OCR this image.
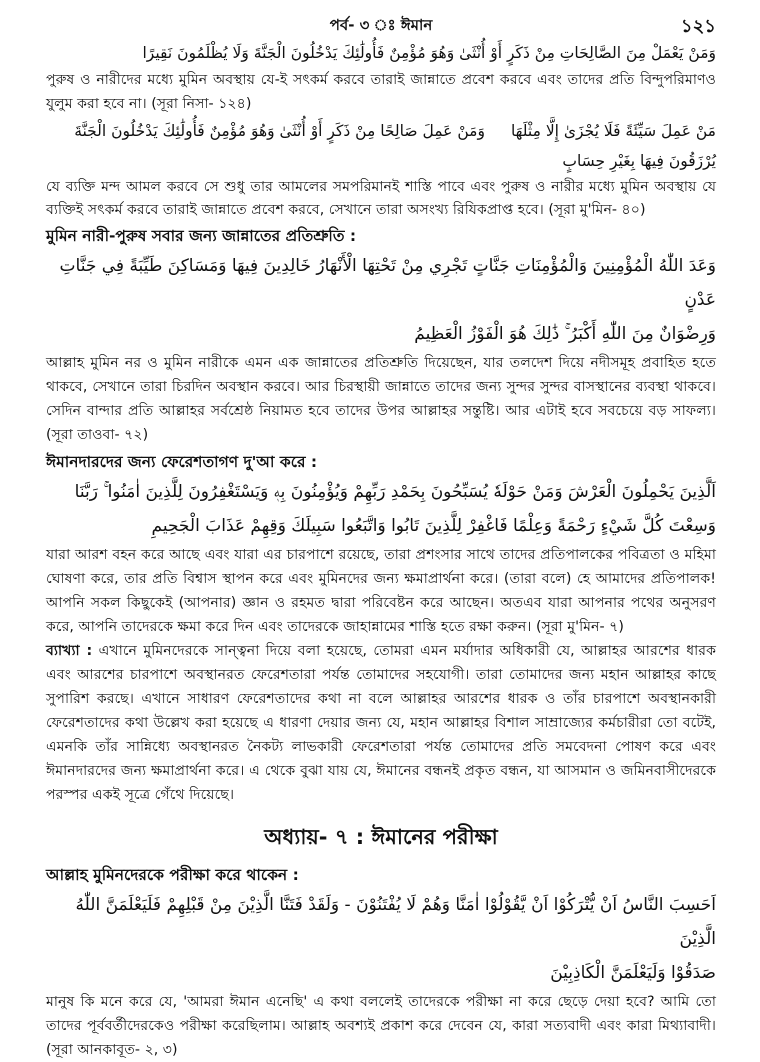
পর্ব- ৩ ঃ ঈমান	১২১

وَمَنْ يَعْمَلْ مِنَ الصَّالِحَاتِ مِنْ ذَكَرٍ أَوْ أُنْثَىٰ وَهُوَ مُؤْمِنٌ فَأُولَٰئِكَ يَدْخُلُونَ الْجَنَّةَ وَلَا يُظْلَمُونَ نَقِيرًا

পুরুষ ও নারীদের মধ্যে মুমিন অবস্থায় যে-ই সৎকর্ম করবে তারাই জান্নাতে প্রবেশ করবে এবং তাদের প্রতি বিন্দুপরিমাণও যুলুম করা হবে না। (সূরা নিসা- ১২৪)

مَنْ عَمِلَ سَيِّئَةً فَلَا يُجْزَىٰ إِلَّا مِثْلَهَاوَمَنْ عَمِلَ صَالِحًا مِنْ ذَكَرٍ أَوْ أُنْثَىٰ وَهُوَ مُؤْمِنٌ فَأُولَٰئِكَ يَدْخُلُونَ الْجَنَّةَ يُرْزَقُونَ فِيهَا بِغَيْرِ حِسَابٍ

যে ব্যক্তি মন্দ আমল করবে সে শুধু তার আমলের সমপরিমানই শাস্তি পাবে এবং পুরুষ ও নারীর মধ্যে মুমিন অবস্থায় যে ব্যক্তিই সৎকর্ম করবে তারাই জান্নাতে প্রবেশ করবে, সেখানে তারা অসংখ্য রিযিকপ্রাপ্ত হবে। (সূরা মু'মিন- ৪০)

মুমিন নারী-পুরুষ সবার জন্য জান্নাতের প্রতিশ্রুতি :

وَعَدَ اللّٰهُ الْمُؤْمِنِينَ وَالْمُؤْمِنَاتِ جَنَّاتٍ تَجْرِي مِنْ تَحْتِهَا الْأَنْهَارُ خَالِدِينَ فِيهَا وَمَسَاكِنَ طَيِّبَةً فِي جَنَّاتِ عَدْنٍ

وَرِضْوَانٌ مِنَ اللّٰهِ أَكْبَرُ ۚ ذَٰلِكَ هُوَ الْفَوْزُ الْعَظِيمُ

আল্লাহ মুমিন নর ও মুমিন নারীকে এমন এক জান্নাতের প্রতিশ্রুতি দিয়েছেন, যার তলদেশ দিয়ে নদীসমূহ প্রবাহিত হতে থাকবে, সেখানে তারা চিরদিন অবস্থান করবে। আর চিরস্থায়ী জান্নাতে তাদের জন্য সুন্দর সুন্দর বাসস্থানের ব্যবস্থা থাকবে। সেদিন বান্দার প্রতি আল্লাহর সর্বশ্রেষ্ঠ নিয়ামত হবে তাদের উপর আল্লাহর সন্তুষ্টি। আর এটাই হবে সবচেয়ে বড় সাফল্য। (সূরা তাওবা- ৭২)

ঈমানদারদের জন্য ফেরেশতাগণ দু'আ করে :

اَلَّذِينَ يَحْمِلُونَ الْعَرْشَ وَمَنْ حَوْلَهٗ يُسَبِّحُونَ بِحَمْدِ رَبِّهِمْ وَيُؤْمِنُونَ بِهٖ وَيَسْتَغْفِرُونَ لِلَّذِينَ اٰمَنُوا ۚ رَبَّنَا

وَسِعْتَ كُلَّ شَيْءٍ رَحْمَةً وَعِلْمًا فَاغْفِرْ لِلَّذِينَ تَابُوا وَاتَّبَعُوا سَبِيلَكَ وَقِهِمْ عَذَابَ الْجَحِيمِ

যারা আরশ বহন করে আছে এবং যারা এর চারপাশে রয়েছে, তারা প্রশংসার সাথে তাদের প্রতিপালকের পবিত্রতা ও মহিমা ঘোষণা করে, তার প্রতি বিশ্বাস স্থাপন করে এবং মুমিনদের জন্য ক্ষমাপ্রার্থনা করে। (তারা বলে) হে আমাদের প্রতিপালক! আপনি সকল কিছুকেই (আপনার) জ্ঞান ও রহমত দ্বারা পরিবেষ্টন করে আছেন। অতএব যারা আপনার পথের অনুসরণ করে, আপনি তাদেরকে ক্ষমা করে দিন এবং তাদেরকে জাহান্নামের শাস্তি হতে রক্ষা করুন। (সূরা মু'মিন- ৭)

ব্যাখ্যা : এখানে মুমিনদেরকে সান্ত্বনা দিয়ে বলা হয়েছে, তোমরা এমন মর্যাদার অধিকারী যে, আল্লাহর আরশের ধারক এবং আরশের চারপাশে অবস্থানরত ফেরেশতারা পর্যন্ত তোমাদের সহযোগী। তারা তোমাদের জন্য মহান আল্লাহর কাছে সুপারিশ করছে। এখানে সাধারণ ফেরেশতাদের কথা না বলে আল্লাহর আরশের ধারক ও তাঁর চারপাশে অবস্থানকারী ফেরেশতাদের কথা উল্লেখ করা হয়েছে এ ধারণা দেয়ার জন্য যে, মহান আল্লাহর বিশাল সাম্রাজ্যের কর্মচারীরা তো বটেই, এমনকি তাঁর সান্নিধ্যে অবস্থানরত নৈকট্য লাভকারী ফেরেশতারা পর্যন্ত তোমাদের প্রতি সমবেদনা পোষণ করে এবং ঈমানদারদের জন্য ক্ষমাপ্রার্থনা করে। এ থেকে বুঝা যায় যে, ঈমানের বন্ধনই প্রকৃত বন্ধন, যা আসমান ও জমিনবাসীদেরকে পরস্পর একই সূত্রে গেঁথে দিয়েছে।

অধ্যায়- ৭ : ঈমানের পরীক্ষা

আল্লাহ মুমিনদেরকে পরীক্ষা করে থাকেন :

اَحَسِبَ النَّاسُ اَنْ يُّتْرَكُوْا اَنْ يَّقُوْلُوْا اٰمَنَّا وَهُمْ لَا يُفْتَنُوْنَ ‐ وَلَقَدْ فَتَنَّا الَّذِيْنَ مِنْ قَبْلِهِمْ فَلَيَعْلَمَنَّ اللّٰهُ الَّذِيْنَ

صَدَقُوْا وَلَيَعْلَمَنَّ الْكَاذِبِيْنَ

মানুষ কি মনে করে যে, 'আমরা ঈমান এনেছি' এ কথা বললেই তাদেরকে পরীক্ষা না করে ছেড়ে দেয়া হবে? আমি তো তাদের পূর্ববর্তীদেরকেও পরীক্ষা করেছিলাম। আল্লাহ অবশ্যই প্রকাশ করে দেবেন যে, কারা সত্যবাদী এবং কারা মিথ্যাবাদী। (সূরা আনকাবূত- ২, ৩)
